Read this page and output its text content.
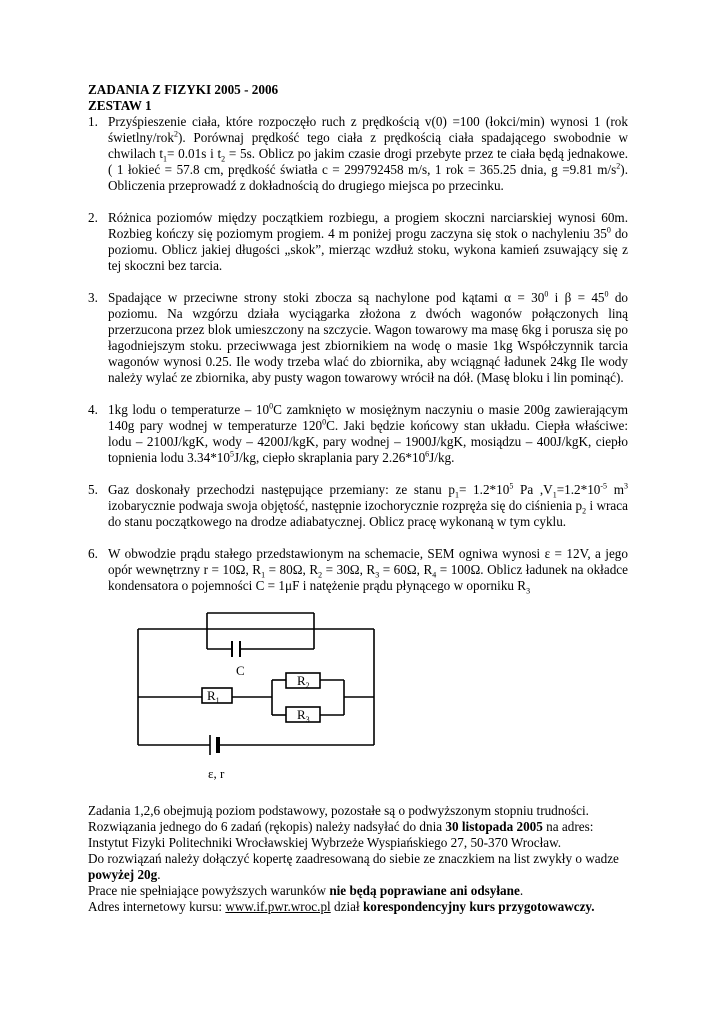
ZADANIA Z FIZYKI 2005 - 2006

ZESTAW 1

1. Przyśpieszenie ciała, które rozpoczęło ruch z prędkością v(0) =100 (łokci/min) wynosi 1 (rok świetlny/rok$^2$). Porównaj prędkość tego ciała z prędkością ciała spadającego swobodnie w chwilach $t_1= 0.01s$ i $t_2 = 5s$. Oblicz po jakim czasie drogi przebyte przez te ciała będą jednakowe. ( 1 łokieć = 57.8 cm, prędkość światła c = 299792458 m/s, 1 rok = 365.25 dnia, g =9.81 $m/s^2$). Obliczenia przeprowadź z dokładnością do drugiego miejsca po przecinku.

2. Różnica poziomów między początkiem rozbiegu, a progiem skoczni narciarskiej wynosi 60m. Rozbieg kończy się poziomym progiem. 4 m poniżej progu zaczyna się stok o nachyleniu $35^0$ do poziomu. Oblicz jakiej długości „skok”, mierząc wzdłuż stoku, wykona kamień zsuwający się z tej skoczni bez tarcia.

3. Spadające w przeciwne strony stoki zbocza są nachylone pod kątami $\alpha = 30^0$ i $\beta = 45^0$ do poziomu. Na wzgórzu działa wyciągarka złożona z dwóch wagonów połączonych liną przerzucona przez blok umieszczony na szczycie. Wagon towarowy ma masę 6kg i porusza się po łagodniejszym stoku. przeciwwaga jest zbiornikiem na wodę o masie 1kg Współczynnik tarcia wagonów wynosi 0.25. Ile wody trzeba wlać do zbiornika, aby wciągnąć ładunek 24kg Ile wody należy wylać ze zbiornika, aby pusty wagon towarowy wrócił na dół. (Masę bloku i lin pominąć).

4. 1kg lodu o temperaturze – $10^0C$ zamknięto w mosiężnym naczyniu o masie 200g zawierającym 140g pary wodnej w temperaturze $120^0C$. Jaki będzie końcowy stan układu. Ciepła właściwe: lodu – 2100J/kgK, wody – 4200J/kgK, pary wodnej – 1900J/kgK, mosiądzu – 400J/kgK, ciepło topnienia lodu $3.34*10^5J/kg$, ciepło skraplania pary $2.26*10^6J/kg$.

5. Gaz doskonały przechodzi następujące przemiany: ze stanu $p_1= 1.2*10^5$ Pa $,V_1=1.2*10^{-5}$ $m^3$ izobarycznie podwaja swoja objętość, następnie izochorycznie rozpręża się do ciśnienia $p_2$ i wraca do stanu początkowego na drodze adiabatycznej. Oblicz pracę wykonaną w tym cyklu.

6. W obwodzie prądu stałego przedstawionym na schemacie, SEM ogniwa wynosi ε = 12V, a jego opór wewnętrzny r = 10Ω, $R_1 = 80\Omega$, $R_2 = 30\Omega$, $R_3 = 60\Omega$, $R_4 = 100\Omega$. Oblicz ładunek na okładce kondensatora o pojemności C = 1μF i natężenie prądu płynącego w oporniku $R_3$

C
$R_1$
$R_2$
$R_3$
ε, r

Zadania 1,2,6 obejmują poziom podstawowy, pozostałe są o podwyższonym stopniu trudności.

Rozwiązania jednego do 6 zadań (rękopis) należy nadsyłać do dnia 30 listopada 2005 na adres:

Instytut Fizyki Politechniki Wrocławskiej Wybrzeże Wyspiańskiego 27, 50-370 Wrocław.

Do rozwiązań należy dołączyć kopertę zaadresowaną do siebie ze znaczkiem na list zwykły o wadze powyżej 20g.

Prace nie spełniające powyższych warunków nie będą poprawiane ani odsyłane.

Adres internetowy kursu: www.if.pwr.wroc.pl dział korespondencyjny kurs przygotowawczy.
